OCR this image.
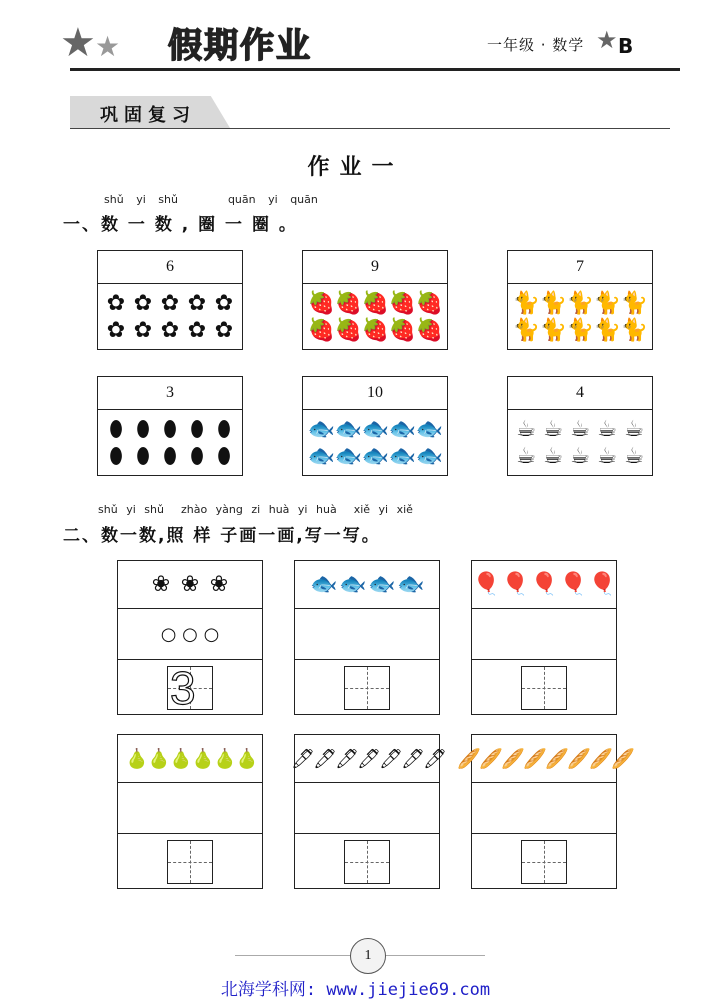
★ ★ 假期作业	一年级 · 数学 ★ B
巩固复习
作业一
shǔ yi shǔ	quān yi quān
一、数 一 数 , 圈 一 圈 。
6
✿ ✿ ✿ ✿ ✿
✿ ✿ ✿ ✿ ✿
9
🍓 🍓 🍓 🍓 🍓
🍓 🍓 🍓 🍓 🍓
7
🐈 🐈 🐈 🐈 🐈
🐈 🐈 🐈 🐈 🐈
3
⬮ ⬮ ⬮ ⬮ ⬮
⬮ ⬮ ⬮ ⬮ ⬮
10
🐟 🐟 🐟 🐟 🐟
🐟 🐟 🐟 🐟 🐟
4
☕ ☕ ☕ ☕ ☕
☕ ☕ ☕ ☕ ☕
shǔ yi shǔ zhào yàng zi huà yi huà xiě yi xiě
二、数一数,照 样 子画一画,写一写。
❀ ❀ ❀
○ ○ ○
3
🐟 🐟 🐟 🐟 🎈 🎈 🎈 🎈 🎈
🍐
🍐
🍐
🍐
🍐
🍐 🖊
🖊
🖊
🖊
🖊
🖊
🖊 🥖
🥖
🥖
🥖
🥖
🥖
🥖
🥖
1
北海学科网: www.jiejie69.com
